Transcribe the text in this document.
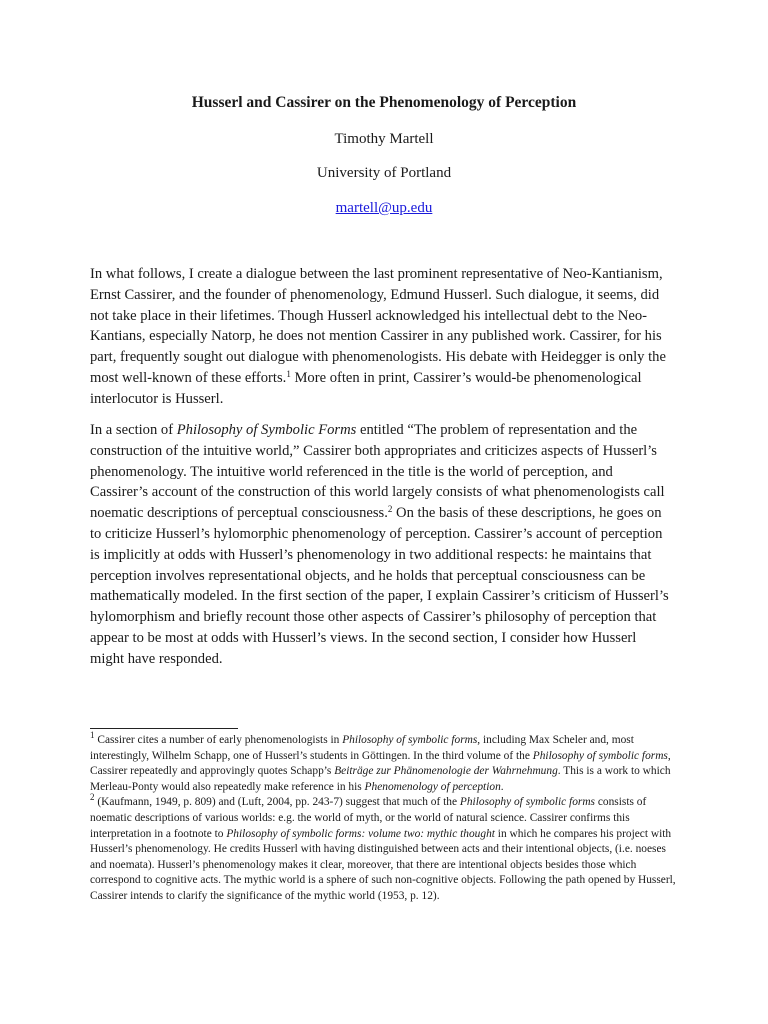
Husserl and Cassirer on the Phenomenology of Perception
Timothy Martell
University of Portland
martell@up.edu

In what follows, I create a dialogue between the last prominent representative of Neo-Kantianism, Ernst Cassirer, and the founder of phenomenology, Edmund Husserl. Such dialogue, it seems, did not take place in their lifetimes. Though Husserl acknowledged his intellectual debt to the Neo-Kantians, especially Natorp, he does not mention Cassirer in any published work. Cassirer, for his part, frequently sought out dialogue with phenomenologists. His debate with Heidegger is only the most well-known of these efforts.$^1$ More often in print, Cassirer’s would-be phenomenological interlocutor is Husserl.

In a section of Philosophy of Symbolic Forms entitled “The problem of representation and the construction of the intuitive world,” Cassirer both appropriates and criticizes aspects of Husserl’s phenomenology. The intuitive world referenced in the title is the world of perception, and Cassirer’s account of the construction of this world largely consists of what phenomenologists call noematic descriptions of perceptual consciousness.$^2$ On the basis of these descriptions, he goes on to criticize Husserl’s hylomorphic phenomenology of perception. Cassirer’s account of perception is implicitly at odds with Husserl’s phenomenology in two additional respects: he maintains that perception involves representational objects, and he holds that perceptual consciousness can be mathematically modeled. In the first section of the paper, I explain Cassirer’s criticism of Husserl’s hylomorphism and briefly recount those other aspects of Cassirer’s philosophy of perception that appear to be most at odds with Husserl’s views. In the second section, I consider how Husserl might have responded.

$^1$ Cassirer cites a number of early phenomenologists in Philosophy of symbolic forms, including Max Scheler and, most interestingly, Wilhelm Schapp, one of Husserl’s students in Göttingen. In the third volume of the Philosophy of symbolic forms, Cassirer repeatedly and approvingly quotes Schapp’s Beiträge zur Phänomenologie der Wahrnehmung. This is a work to which Merleau-Ponty would also repeatedly make reference in his Phenomenology of perception.

$^2$ (Kaufmann, 1949, p. 809) and (Luft, 2004, pp. 243-7) suggest that much of the Philosophy of symbolic forms consists of noematic descriptions of various worlds: e.g. the world of myth, or the world of natural science. Cassirer confirms this interpretation in a footnote to Philosophy of symbolic forms: volume two: mythic thought in which he compares his project with Husserl’s phenomenology. He credits Husserl with having distinguished between acts and their intentional objects, (i.e. noeses and noemata). Husserl’s phenomenology makes it clear, moreover, that there are intentional objects besides those which correspond to cognitive acts. The mythic world is a sphere of such non-cognitive objects. Following the path opened by Husserl, Cassirer intends to clarify the significance of the mythic world (1953, p. 12).
